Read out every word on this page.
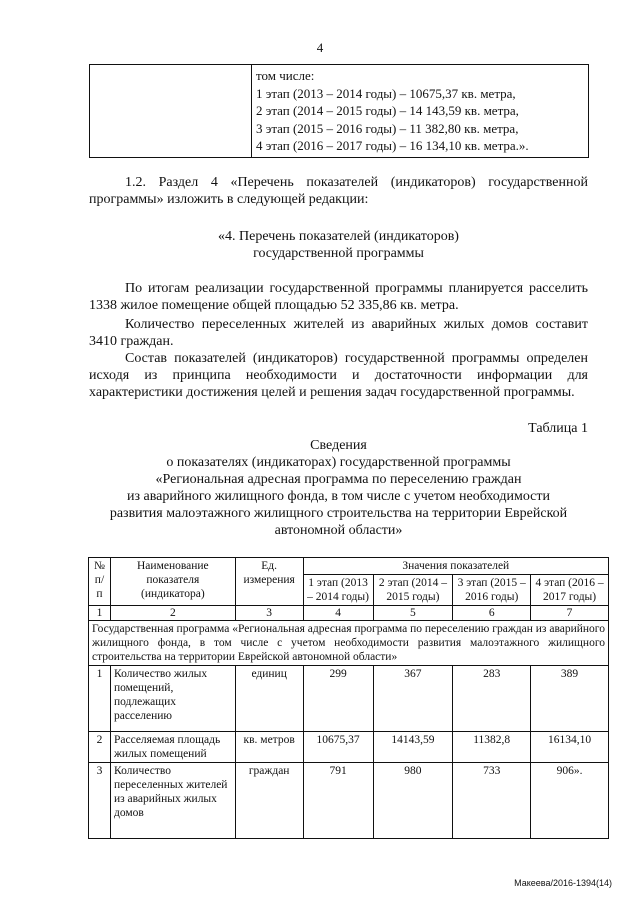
4

том числе:
1 этап (2013 – 2014 годы) – 10675,37 кв. метра,
2 этап (2014 – 2015 годы) – 14 143,59 кв. метра,
3 этап (2015 – 2016 годы) – 11 382,80 кв. метра,
4 этап (2016 – 2017 годы) – 16 134,10 кв. метра.».
1.2. Раздел 4 «Перечень показателей (индикаторов) государственной программы» изложить в следующей редакции:
«4. Перечень показателей (индикаторов)
государственной программы
По итогам реализации государственной программы планируется расселить 1338 жилое помещение общей площадью 52 335,86 кв. метра.
Количество переселенных жителей из аварийных жилых домов составит 3410 граждан.
Состав показателей (индикаторов) государственной программы определен исходя из принципа необходимости и достаточности информации для характеристики достижения целей и решения задач государственной программы.
Таблица 1
Сведения
о показателях (индикаторах) государственной программы
«Региональная адресная программа по переселению граждан
из аварийного жилищного фонда, в том числе с учетом необходимости
развития малоэтажного жилищного строительства на территории Еврейской
автономной области»
№ п/п	Наименование показателя (индикатора)	Ед. измерения	Значения показателей			
			1 этап (2013 – 2014 годы)	2 этап (2014 – 2015 годы)	3 этап (2015 – 2016 годы)	4 этап (2016 – 2017 годы)
1	2	3	4	5	6	7
Государственная программа «Региональная адресная программа по переселению граждан из аварийного жилищного фонда, в том числе с учетом необходимости развития малоэтажного жилищного строительства на территории Еврейской автономной области»						
1	Количество жилых помещений, подлежащих расселению	единиц	299	367	283	389
2	Расселяемая площадь жилых помещений	кв. метров	10675,37	14143,59	11382,8	16134,10
3	Количество переселенных жителей из аварийных жилых домов	граждан	791	980	733	906».
Макеева/2016-1394(14)
